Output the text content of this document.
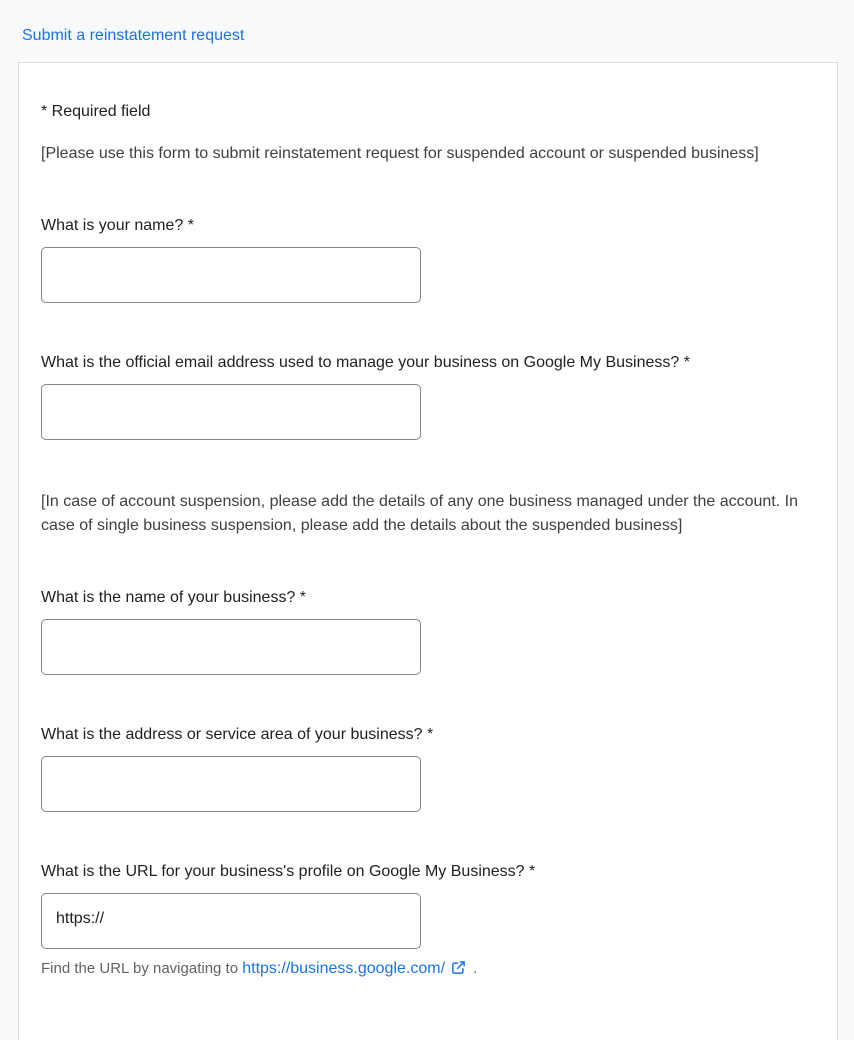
Submit a reinstatement request
* Required field

[Please use this form to submit reinstatement request for suspended account or suspended business]

What is your name? *
What is the official email address used to manage your business on Google My Business? *

[In case of account suspension, please add the details of any one business managed under the account. In case of single business suspension, please add the details about the suspended business]

What is the name of your business? *
What is the address or service area of your business? *
What is the URL for your business's profile on Google My Business? *
https://
Find the URL by navigating to https://business.google.com/ .
